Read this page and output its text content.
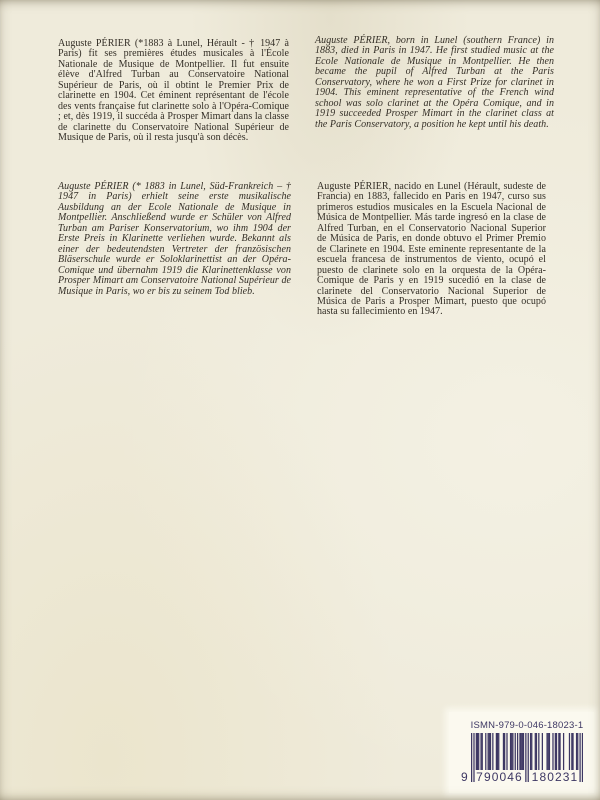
Auguste PÉRIER (*1883 à Lunel, Hérault - † 1947 à Paris) fit ses premières études musicales à l'École Nationale de Musique de Montpellier. Il fut ensuite élève d'Alfred Turban au Conservatoire National Supérieur de Paris, où il obtint le Premier Prix de clarinette en 1904. Cet éminent représentant de l'école des vents française fut clarinette solo à l'Opéra-Comique ; et, dès 1919, il succéda à Prosper Mimart dans la classe de clarinette du Conservatoire National Supérieur de Musique de Paris, où il resta jusqu'à son décès.

Auguste PÉRIER, born in Lunel (southern France) in 1883, died in Paris in 1947. He first studied music at the Ecole Nationale de Musique in Montpellier. He then became the pupil of Alfred Turban at the Paris Conservatory, where he won a First Prize for clarinet in 1904. This eminent representative of the French wind school was solo clarinet at the Opéra Comique, and in 1919 succeeded Prosper Mimart in the clarinet class at the Paris Conservatory, a position he kept until his death.

Auguste PÉRIER (* 1883 in Lunel, Süd-Frankreich – † 1947 in Paris) erhielt seine erste musikalische Ausbildung an der Ecole Nationale de Musique in Montpellier. Anschließend wurde er Schüler von Alfred Turban am Pariser Konservatorium, wo ihm 1904 der Erste Preis in Klarinette verliehen wurde. Bekannt als einer der bedeutendsten Vertreter der französischen Bläserschule wurde er Soloklarinettist an der Opéra-Comique und übernahm 1919 die Klarinettenklasse von Prosper Mimart am Conservatoire National Supérieur de Musique in Paris, wo er bis zu seinem Tod blieb.

Auguste PÉRIER, nacido en Lunel (Hérault, sudeste de Francia) en 1883, fallecido en Paris en 1947, curso sus primeros estudios musicales en la Escuela Nacional de Música de Montpellier. Más tarde ingresó en la clase de Alfred Turban, en el Conservatorio Nacional Superior de Música de Paris, en donde obtuvo el Primer Premio de Clarinete en 1904. Este eminente representante de la escuela francesa de instrumentos de viento, ocupó el puesto de clarinete solo en la orquesta de la Opéra-Comique de Paris y en 1919 sucedió en la clase de clarinete del Conservatorio Nacional Superior de Música de Paris a Prosper Mimart, puesto que ocupó hasta su fallecimiento en 1947.

ISMN-979-0-046-18023-1
9 790046 180231
